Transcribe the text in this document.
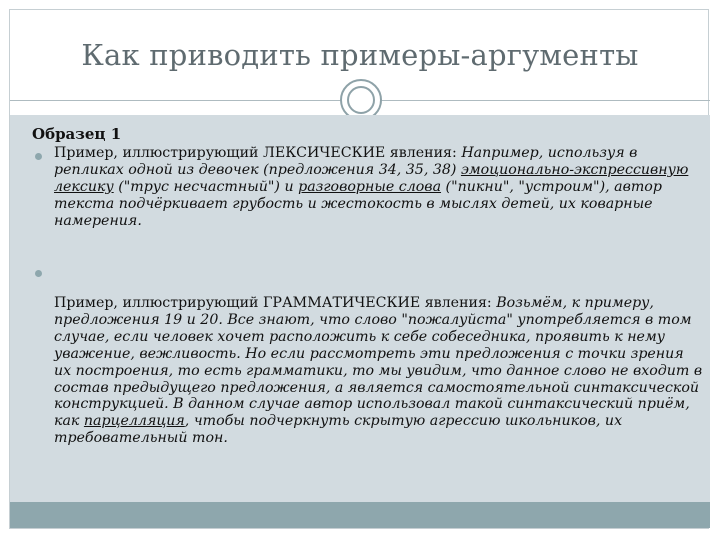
Как приводить примеры-аргументы
Образец 1
Пример, иллюстрирующий ЛЕКСИЧЕСКИЕ явления: Например, используя в репликах одной из девочек (предложения 34, 35, 38) эмоционально-экспрессивную лексику ("трус несчастный") и разговорные слова ("пикни", "устроим"), автор текста подчёркивает грубость и жестокость в мыслях детей, их коварные намерения.
Пример, иллюстрирующий ГРАММАТИЧЕСКИЕ явления: Возьмём, к примеру, предложения 19 и 20. Все знают, что слово "пожалуйста" употребляется в том случае, если человек хочет расположить к себе собеседника, проявить к нему уважение, вежливость. Но если рассмотреть эти предложения с точки зрения их построения, то есть грамматики, то мы увидим, что данное слово не входит в состав предыдущего предложения, а является самостоятельной синтаксической конструкцией. В данном случае автор использовал такой синтаксический приём, как парцелляция, чтобы подчеркнуть скрытую агрессию школьников, их требовательный тон.
